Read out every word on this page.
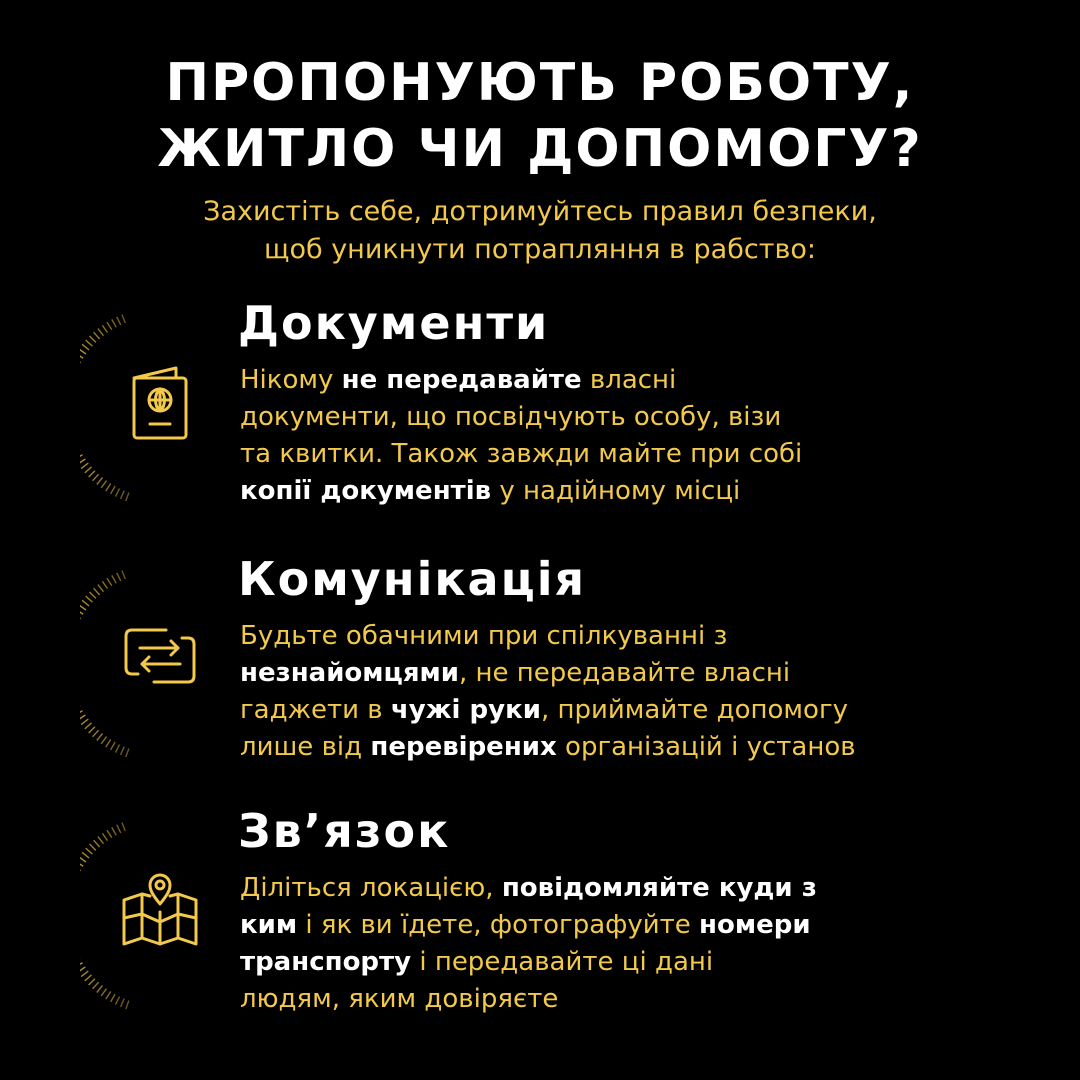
ПРОПОНУЮТЬ РОБОТУ,
ЖИТЛО ЧИ ДОПОМОГУ?

Захистіть себе, дотримуйтесь правил безпеки,
щоб уникнути потрапляння в рабство:

Документи
Нікому не передавайте власні
документи, що посвідчують особу, візи
та квитки. Також завжди майте при собі
копії документів у надійному місці
Комунікація
Будьте обачними при спілкуванні з
незнайомцями, не передавайте власні
гаджети в чужі руки, приймайте допомогу
лише від перевірених організацій і установ
Зв’язок
Діліться локацією, повідомляйте куди з
ким і як ви їдете, фотографуйте номери
транспорту і передавайте ці дані
людям, яким довіряєте
